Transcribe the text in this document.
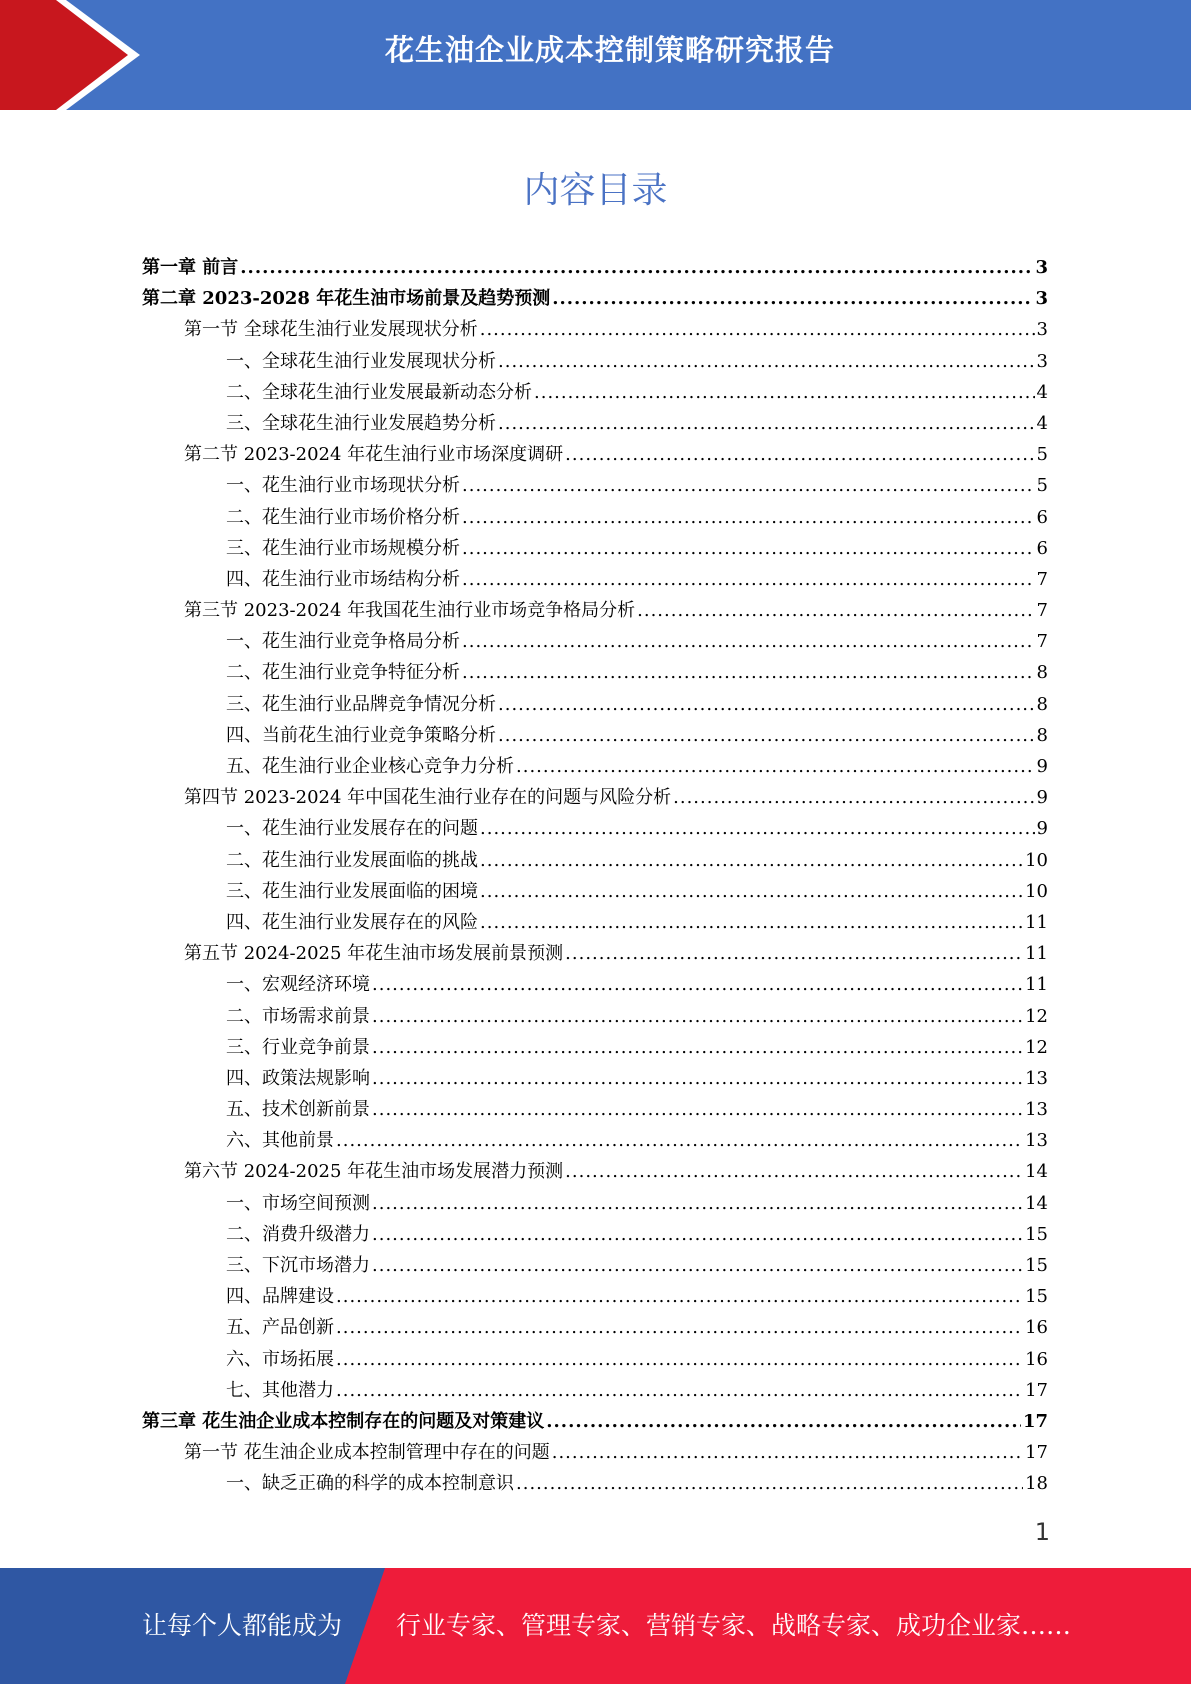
花生油企业成本控制策略研究报告
内容目录
第一章 前言 .....	3
第二章 2023-2028 年花生油市场前景及趋势预测 .....	3
第一节 全球花生油行业发展现状分析 .....	3
一、全球花生油行业发展现状分析 .....	3
二、全球花生油行业发展最新动态分析 .....	4
三、全球花生油行业发展趋势分析 .....	4
第二节 2023-2024 年花生油行业市场深度调研 .....	5
一、花生油行业市场现状分析 .....	5
二、花生油行业市场价格分析 .....	6
三、花生油行业市场规模分析 .....	6
四、花生油行业市场结构分析 .....	7
第三节 2023-2024 年我国花生油行业市场竞争格局分析 .....	7
一、花生油行业竞争格局分析 .....	7
二、花生油行业竞争特征分析 .....	8
三、花生油行业品牌竞争情况分析 .....	8
四、当前花生油行业竞争策略分析 .....	8
五、花生油行业企业核心竞争力分析 .....	9
第四节 2023-2024 年中国花生油行业存在的问题与风险分析 .....	9
一、花生油行业发展存在的问题 .....	9
二、花生油行业发展面临的挑战 .....	10
三、花生油行业发展面临的困境 .....	10
四、花生油行业发展存在的风险 .....	11
第五节 2024-2025 年花生油市场发展前景预测 .....	11
一、宏观经济环境 .....	11
二、市场需求前景 .....	12
三、行业竞争前景 .....	12
四、政策法规影响 .....	13
五、技术创新前景 .....	13
六、其他前景 .....	13
第六节 2024-2025 年花生油市场发展潜力预测 .....	14
一、市场空间预测 .....	14
二、消费升级潜力 .....	15
三、下沉市场潜力 .....	15
四、品牌建设 .....	15
五、产品创新 .....	16
六、市场拓展 .....	16
七、其他潜力 .....	17
第三章 花生油企业成本控制存在的问题及对策建议 .....	17
第一节 花生油企业成本控制管理中存在的问题 .....	17
一、缺乏正确的科学的成本控制意识 .....	18
1
让每个人都能成为 行业专家、管理专家、营销专家、战略专家、成功企业家……
